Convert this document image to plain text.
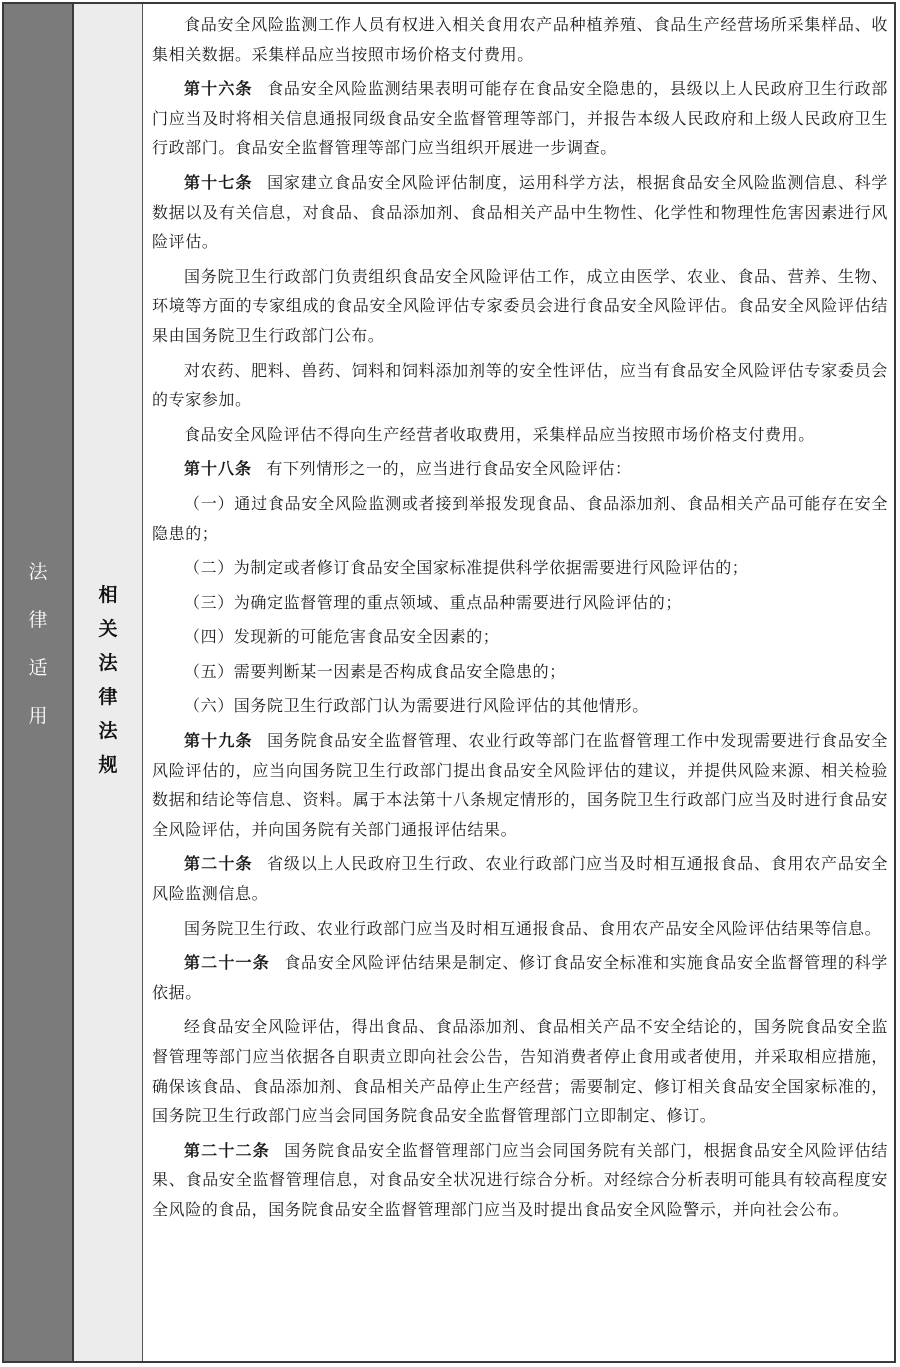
法
律
适
用
相
关
法
律
法
规

食品安全风险监测工作人员有权进入相关食用农产品种植养殖、食品生产经营场所采集样品、收集相关数据。采集样品应当按照市场价格支付费用。

第十六条 食品安全风险监测结果表明可能存在食品安全隐患的，县级以上人民政府卫生行政部门应当及时将相关信息通报同级食品安全监督管理等部门，并报告本级人民政府和上级人民政府卫生行政部门。食品安全监督管理等部门应当组织开展进一步调查。

第十七条 国家建立食品安全风险评估制度，运用科学方法，根据食品安全风险监测信息、科学数据以及有关信息，对食品、食品添加剂、食品相关产品中生物性、化学性和物理性危害因素进行风险评估。

国务院卫生行政部门负责组织食品安全风险评估工作，成立由医学、农业、食品、营养、生物、环境等方面的专家组成的食品安全风险评估专家委员会进行食品安全风险评估。食品安全风险评估结果由国务院卫生行政部门公布。

对农药、肥料、兽药、饲料和饲料添加剂等的安全性评估，应当有食品安全风险评估专家委员会的专家参加。

食品安全风险评估不得向生产经营者收取费用，采集样品应当按照市场价格支付费用。

第十八条 有下列情形之一的，应当进行食品安全风险评估：

（一）通过食品安全风险监测或者接到举报发现食品、食品添加剂、食品相关产品可能存在安全隐患的；

（二）为制定或者修订食品安全国家标准提供科学依据需要进行风险评估的；

（三）为确定监督管理的重点领域、重点品种需要进行风险评估的；

（四）发现新的可能危害食品安全因素的；

（五）需要判断某一因素是否构成食品安全隐患的；

（六）国务院卫生行政部门认为需要进行风险评估的其他情形。

第十九条 国务院食品安全监督管理、农业行政等部门在监督管理工作中发现需要进行食品安全风险评估的，应当向国务院卫生行政部门提出食品安全风险评估的建议，并提供风险来源、相关检验数据和结论等信息、资料。属于本法第十八条规定情形的，国务院卫生行政部门应当及时进行食品安全风险评估，并向国务院有关部门通报评估结果。

第二十条 省级以上人民政府卫生行政、农业行政部门应当及时相互通报食品、食用农产品安全风险监测信息。

国务院卫生行政、农业行政部门应当及时相互通报食品、食用农产品安全风险评估结果等信息。

第二十一条 食品安全风险评估结果是制定、修订食品安全标准和实施食品安全监督管理的科学依据。

经食品安全风险评估，得出食品、食品添加剂、食品相关产品不安全结论的，国务院食品安全监督管理等部门应当依据各自职责立即向社会公告，告知消费者停止食用或者使用，并采取相应措施，确保该食品、食品添加剂、食品相关产品停止生产经营；需要制定、修订相关食品安全国家标准的，国务院卫生行政部门应当会同国务院食品安全监督管理部门立即制定、修订。

第二十二条 国务院食品安全监督管理部门应当会同国务院有关部门，根据食品安全风险评估结果、食品安全监督管理信息，对食品安全状况进行综合分析。对经综合分析表明可能具有较高程度安全风险的食品，国务院食品安全监督管理部门应当及时提出食品安全风险警示，并向社会公布。
